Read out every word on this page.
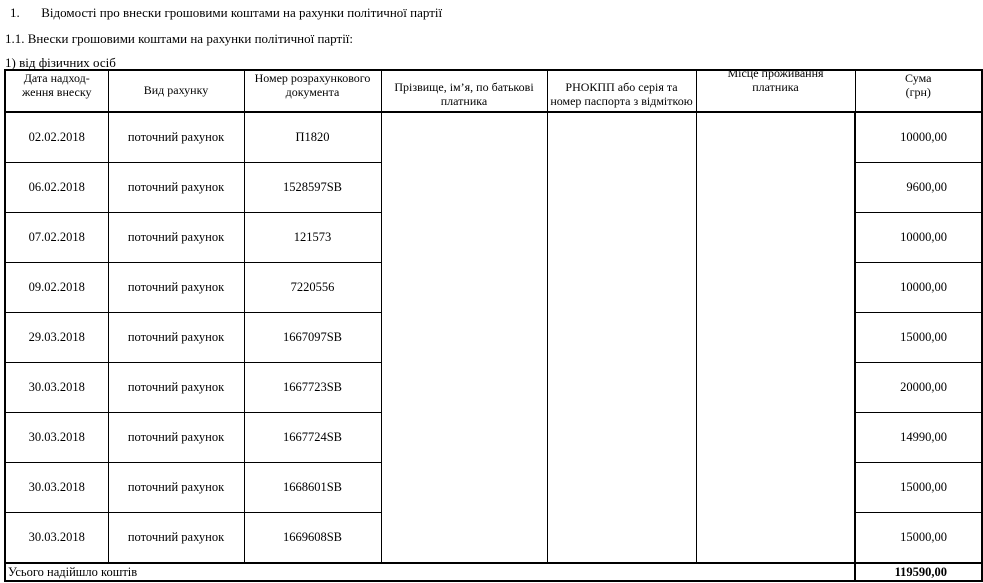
1. Відомості про внески грошовими коштами на рахунки політичної партії
1.1. Внески грошовими коштами на рахунки політичної партії:
1) від фізичних осіб
Дата надход-
ження внеску	Вид рахунку

Номер розрахункового документа	Прізвище, ім’я, по батькові платника

РНОКПП або серія та номер паспорта з відміткою

Місце проживання платника
	Сума
(грн)
02.02.2018	поточний рахунок	П1820				10000,00
06.02.2018	поточний рахунок	1528597SB				9600,00
07.02.2018	поточний рахунок	121573				10000,00
09.02.2018	поточний рахунок	7220556				10000,00
29.03.2018	поточний рахунок	1667097SB				15000,00
30.03.2018	поточний рахунок	1667723SB				20000,00
30.03.2018	поточний рахунок	1667724SB				14990,00
30.03.2018	поточний рахунок	1668601SB				15000,00
30.03.2018	поточний рахунок	1669608SB				15000,00
Усього надійшло коштів	119590,00
